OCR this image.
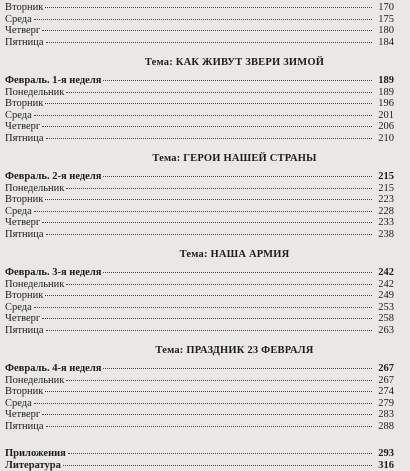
Вторник	170
Среда	175
Четверг	180
Пятница	184
Тема: КАК ЖИВУТ ЗВЕРИ ЗИМОЙ
Февраль. 1-я неделя	189
Понедельник	189
Вторник	196
Среда	201
Четверг	206
Пятница	210
Тема: ГЕРОИ НАШЕЙ СТРАНЫ
Февраль. 2-я неделя	215
Понедельник	215
Вторник	223
Среда	228
Четверг	233
Пятница	238
Тема: НАША АРМИЯ
Февраль. 3-я неделя	242
Понедельник	242
Вторник	249
Среда	253
Четверг	258
Пятница	263
Тема: ПРАЗДНИК 23 ФЕВРАЛЯ
Февраль. 4-я неделя	267
Понедельник	267
Вторник	274
Среда	279
Четверг	283
Пятница	288
Приложения	293
Литература	316
